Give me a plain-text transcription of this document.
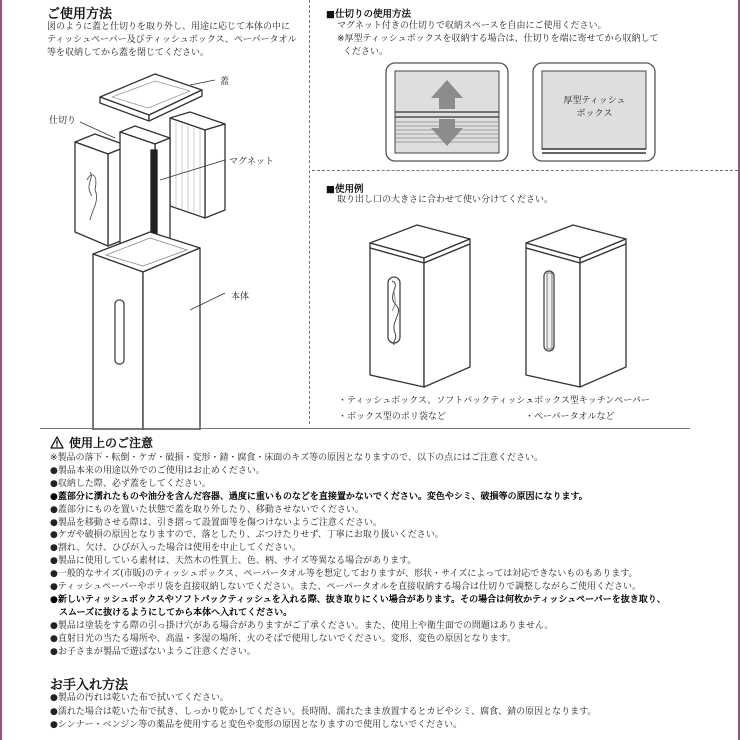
ご使用方法
図のように蓋と仕切りを取り外し、用途に応じて本体の中に
ティッシュペーパー及びティッシュボックス、ペーパータオル
等を収納してから蓋を閉じてください。
蓋
仕切り
マグネット
本体
■仕切りの使用方法
マグネット付きの仕切りで収納スペースを自由にご使用ください。
※厚型ティッシュボックスを収納する場合は、仕切りを端に寄せてから収納して
ください。
厚型ティッシュ
ボックス
■使用例
取り出し口の大きさに合わせて使い分けてください。
・ティッシュボックス、ソフトパックティッシュ
・ボックス型のポリ袋など
・ボックス型キッチンペーパー
・ペーパータオルなど
使用上のご注意
※製品の落下・転倒・ケガ・破損・変形・錆・腐食・床面のキズ等の原因となりますので、以下の点にはご注意ください。
●製品本来の用途以外でのご使用はお止めください。
●収納した際、必ず蓋をしてください。
●蓋部分に濡れたものや油分を含んだ容器、過度に重いものなどを直接置かないでください。変色やシミ、破損等の原因になります。
●蓋部分にものを置いた状態で蓋を取り外したり、移動させないでください。
●製品を移動させる際は、引き摺って設置面等を傷つけないようご注意ください。
●ケガや破損の原因となりますので、落としたり、ぶつけたりせず、丁寧にお取り扱いください。
●割れ、欠け、ひびが入った場合は使用を中止してください。
●製品に使用している素材は、天然木の性質上、色、柄、サイズ等異なる場合があります。
●一般的なサイズ(市販)のティッシュボックス、ペーパータオル等を想定しておりますが、形状・サイズによっては対応できないものもあります。
●ティッシュペーパーやポリ袋を直接収納しないでください。また、ペーパータオルを直接収納する場合は仕切りで調整しながらご使用ください。
●新しいティッシュボックスやソフトパックティッシュを入れる際、抜き取りにくい場合があります。その場合は何枚かティッシュペーパーを抜き取り、
　スムーズに抜けるようにしてから本体へ入れてください。
●製品は塗装をする際の引っ掛け穴がある場合がありますがご了承ください。また、使用上や衛生面での問題はありません。
●直射日光の当たる場所や、高温・多湿の場所、火のそばで使用しないでください。変形、変色の原因となります。
●お子さまが製品で遊ばないようご注意ください。
お手入れ方法
●製品の汚れは乾いた布で拭いてください。
●濡れた場合は乾いた布で拭き、しっかり乾かしてください。長時間、濡れたまま放置するとカビやシミ、腐食、錆の原因となります。
●シンナー・ベンジン等の薬品を使用すると変色や変形の原因となりますので使用しないでください。
